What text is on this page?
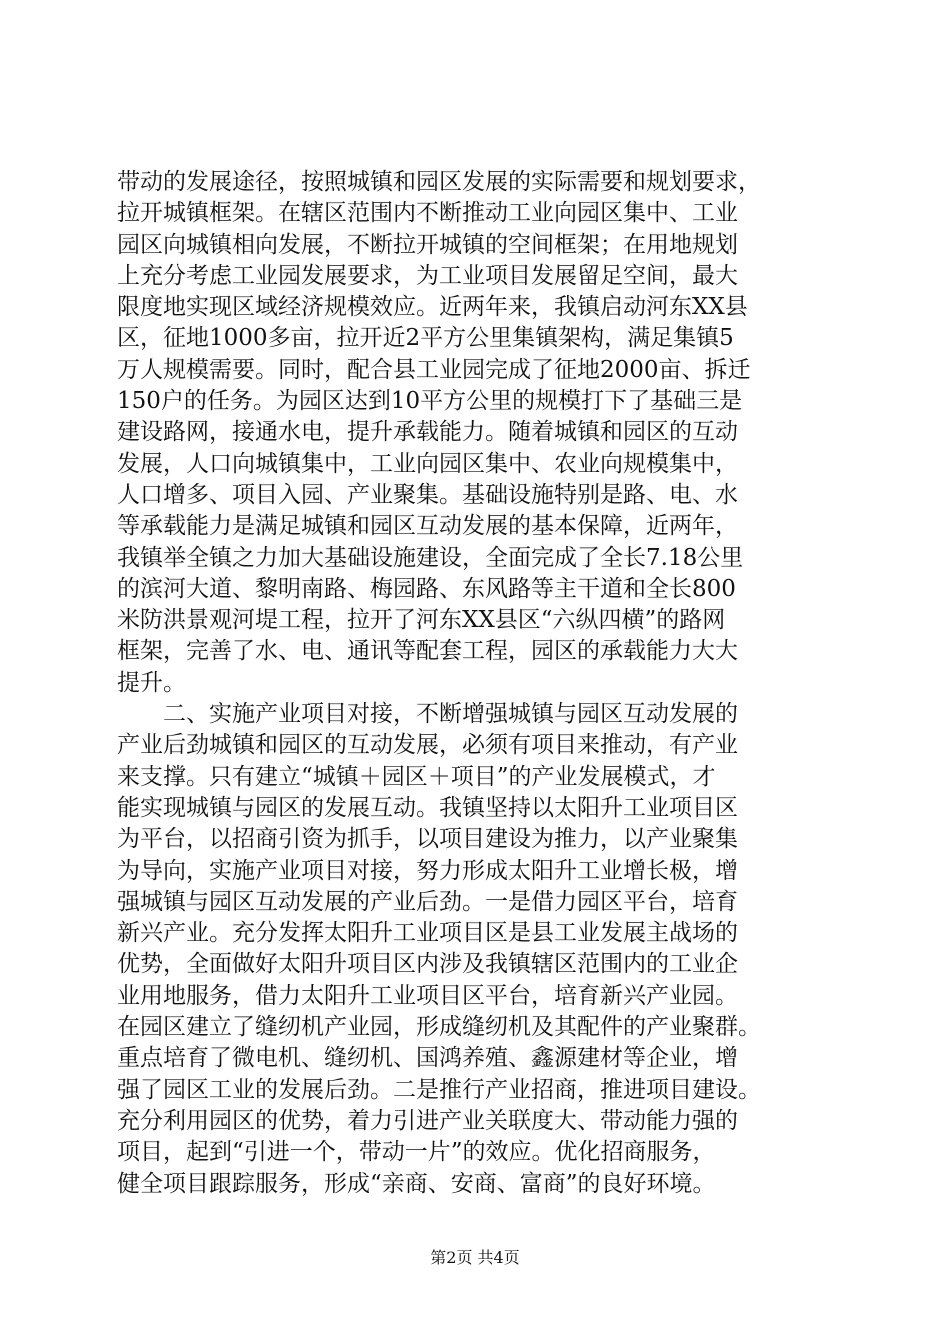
带动的发展途径，按照城镇和园区发展的实际需要和规划要求，
拉开城镇框架。在辖区范围内不断推动工业向园区集中、工业
园区向城镇相向发展，不断拉开城镇的空间框架；在用地规划
上充分考虑工业园发展要求，为工业项目发展留足空间，最大
限度地实现区域经济规模效应。近两年来，我镇启动河东XX县
区，征地1000多亩，拉开近2平方公里集镇架构，满足集镇5
万人规模需要。同时，配合县工业园完成了征地2000亩、拆迁
150户的任务。为园区达到10平方公里的规模打下了基础三是
建设路网，接通水电，提升承载能力。随着城镇和园区的互动
发展，人口向城镇集中，工业向园区集中、农业向规模集中，
人口增多、项目入园、产业聚集。基础设施特别是路、电、水
等承载能力是满足城镇和园区互动发展的基本保障，近两年，
我镇举全镇之力加大基础设施建设，全面完成了全长7.18公里
的滨河大道、黎明南路、梅园路、东风路等主干道和全长800
米防洪景观河堤工程，拉开了河东XX县区“六纵四横”的路网
框架，完善了水、电、通讯等配套工程，园区的承载能力大大
提升。
二、实施产业项目对接，不断增强城镇与园区互动发展的
产业后劲城镇和园区的互动发展，必须有项目来推动，有产业
来支撑。只有建立“城镇＋园区＋项目”的产业发展模式，才
能实现城镇与园区的发展互动。我镇坚持以太阳升工业项目区
为平台，以招商引资为抓手，以项目建设为推力，以产业聚集
为导向，实施产业项目对接，努力形成太阳升工业增长极，增
强城镇与园区互动发展的产业后劲。一是借力园区平台，培育
新兴产业。充分发挥太阳升工业项目区是县工业发展主战场的
优势，全面做好太阳升项目区内涉及我镇辖区范围内的工业企
业用地服务，借力太阳升工业项目区平台，培育新兴产业园。
在园区建立了缝纫机产业园，形成缝纫机及其配件的产业聚群。
重点培育了微电机、缝纫机、国鸿养殖、鑫源建材等企业，增
强了园区工业的发展后劲。二是推行产业招商，推进项目建设。
充分利用园区的优势，着力引进产业关联度大、带动能力强的
项目，起到“引进一个，带动一片”的效应。优化招商服务，
健全项目跟踪服务，形成“亲商、安商、富商”的良好环境。
第2页 共4页
